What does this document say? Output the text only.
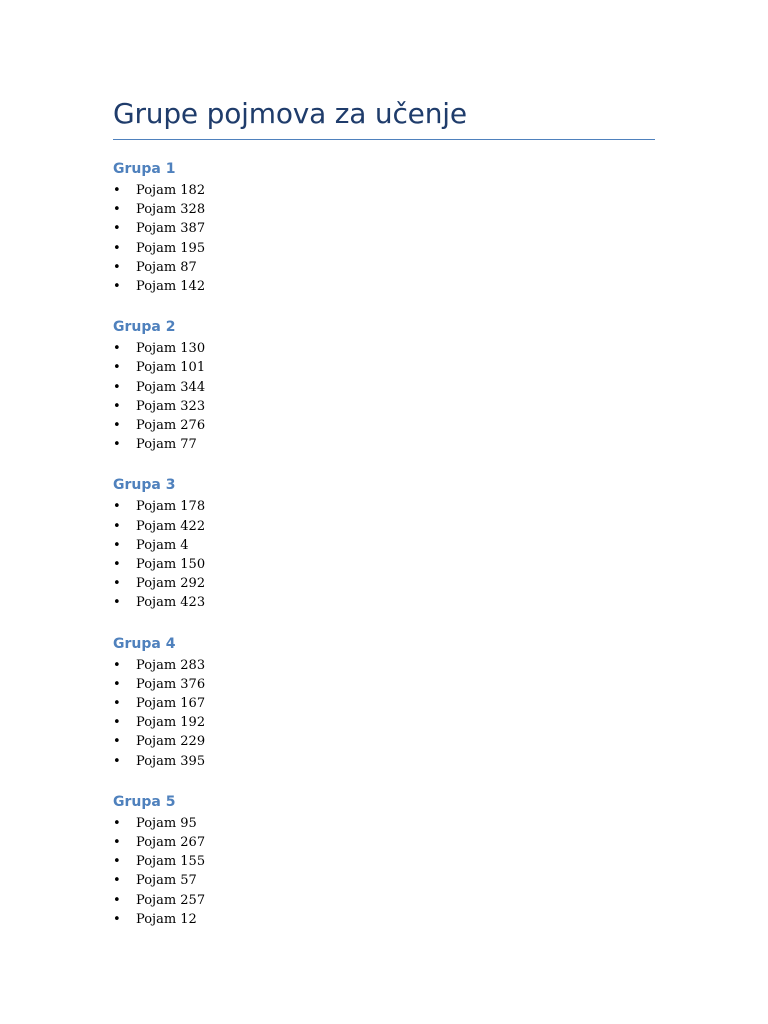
Grupe pojmova za učenje
Grupa 1
• Pojam 182
• Pojam 328
• Pojam 387
• Pojam 195
• Pojam 87
• Pojam 142
Grupa 2
• Pojam 130
• Pojam 101
• Pojam 344
• Pojam 323
• Pojam 276
• Pojam 77
Grupa 3
• Pojam 178
• Pojam 422
• Pojam 4
• Pojam 150
• Pojam 292
• Pojam 423
Grupa 4
• Pojam 283
• Pojam 376
• Pojam 167
• Pojam 192
• Pojam 229
• Pojam 395
Grupa 5
• Pojam 95
• Pojam 267
• Pojam 155
• Pojam 57
• Pojam 257
• Pojam 12
